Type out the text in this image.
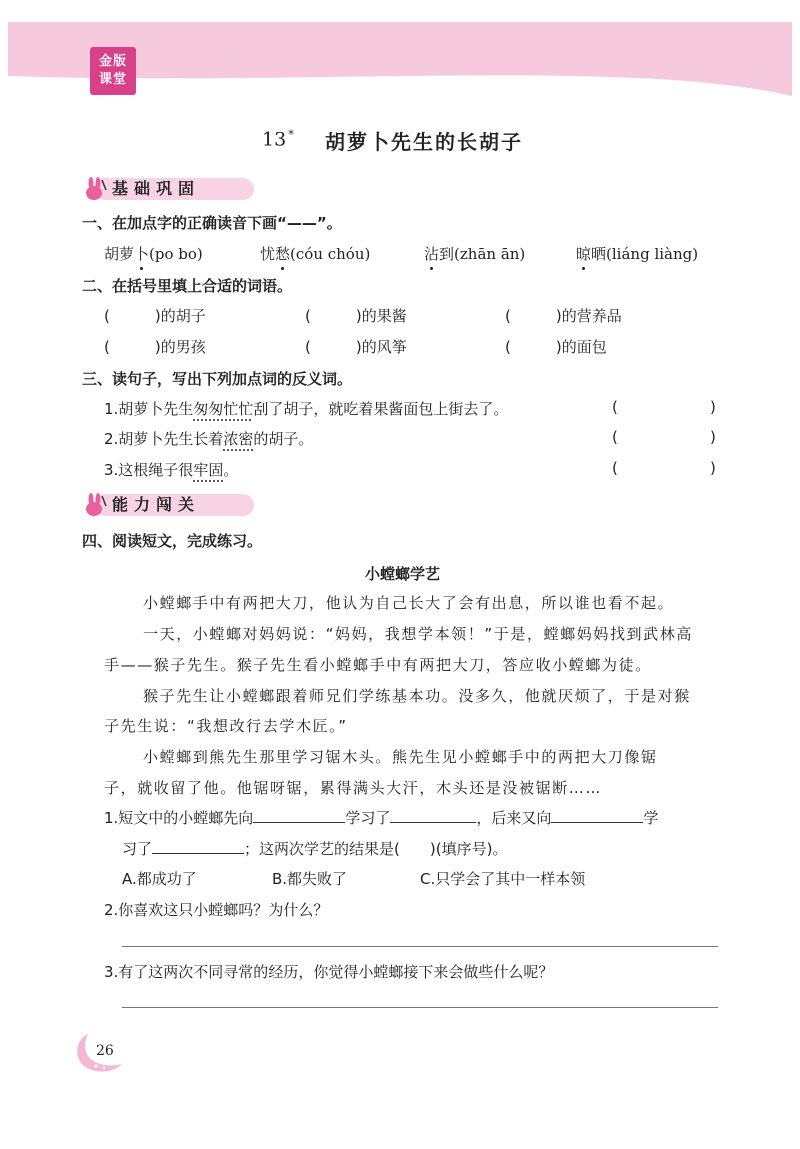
金版
课堂
13 * 胡萝卜先生的长胡子
基础巩固
一、在加点字的正确读音下画“——”。
胡萝卜(po bo)	忧愁(cóu chóu)	沾到(zhān ān)	晾晒(liáng liàng)
二、在括号里填上合适的词语。
(　　　)的胡子	(　　　)的果酱	(　　　)的营养品
(　　　)的男孩	(　　　)的风筝	(　　　)的面包
三、读句子，写出下列加点词的反义词。
1.胡萝卜先生匆匆忙忙刮了胡子，就吃着果酱面包上街去了。	(	)
2.胡萝卜先生长着浓密的胡子。	(	)
3.这根绳子很牢固。	(	)
能力闯关
四、阅读短文，完成练习。
小螳螂学艺
小螳螂手中有两把大刀，他认为自己长大了会有出息，所以谁也看不起。
一天，小螳螂对妈妈说：“妈妈，我想学本领！”于是，螳螂妈妈找到武林高
手——猴子先生。猴子先生看小螳螂手中有两把大刀，答应收小螳螂为徒。
猴子先生让小螳螂跟着师兄们学练基本功。没多久，他就厌烦了，于是对猴
子先生说：“我想改行去学木匠。”
小螳螂到熊先生那里学习锯木头。熊先生见小螳螂手中的两把大刀像锯
子，就收留了他。他锯呀锯，累得满头大汗，木头还是没被锯断……
1.短文中的小螳螂先向	学习了	，后来又向	学
习了	；这两次学艺的结果是(　　)(填序号)。
A.都成功了	B.都失败了	C.只学会了其中一样本领
2.你喜欢这只小螳螂吗？为什么？
3.有了这两次不同寻常的经历，你觉得小螳螂接下来会做些什么呢？
26
